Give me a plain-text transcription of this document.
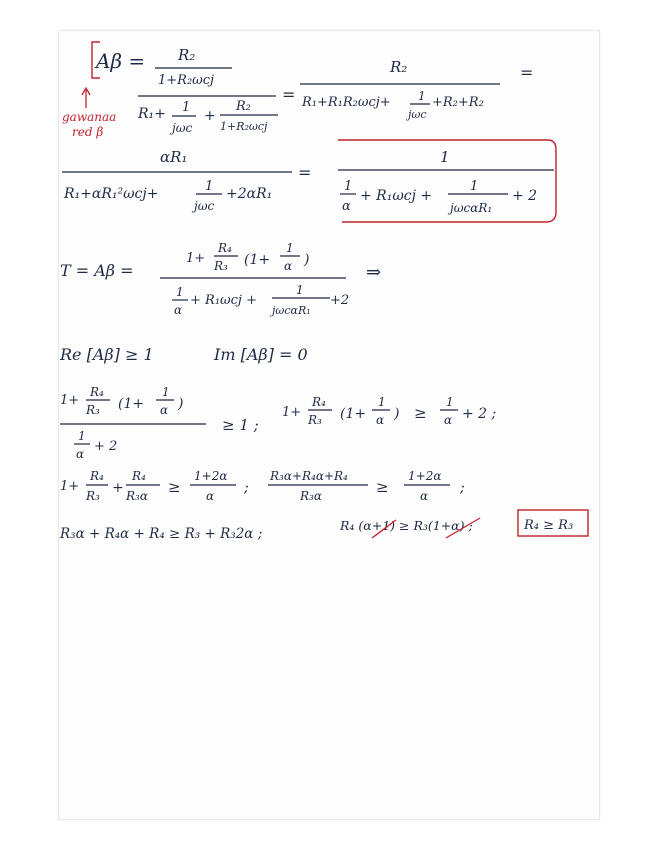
Aβ =
gawanaa
red β
R₂
1+R₂ωcj
R₁+ 1
jωc
+
R₂
1+R₂ωcj
=
R₂
R₁+R₁R₂ωcj+ 1
jωc
+R₂+R₂
=
αR₁
R₁+αR₁²ωcj+	1
jωc
+2αR₁
=
1
1
α
+ R₁ωcj +
1
jωcαR₁
+ 2
T = Aβ =
1+
R₄
R₃ (1+
1
α )
1
α
+ R₁ωcj +
1
jωcαR₁
+2
⇒
Re [Aβ] ≥ 1	Im [Aβ] = 0
1+
R₄
R₃ (1+
1
α )
1
α + 2
≥ 1 ;
1+
R₄
R₃ (1+
1
α ) ≥
1
α + 2 ;
1+
R₄
R₃ +
R₄
R₃α ≥
1+2α
α ;
R₃α+R₄α+R₄
R₃α	≥
1+2α
α ;
R₃α + R₄α + R₄ ≥ R₃ + R₃2α ;
R₄ (α+1) ≥ R₃(1+α) ;	R₄ ≥ R₃
